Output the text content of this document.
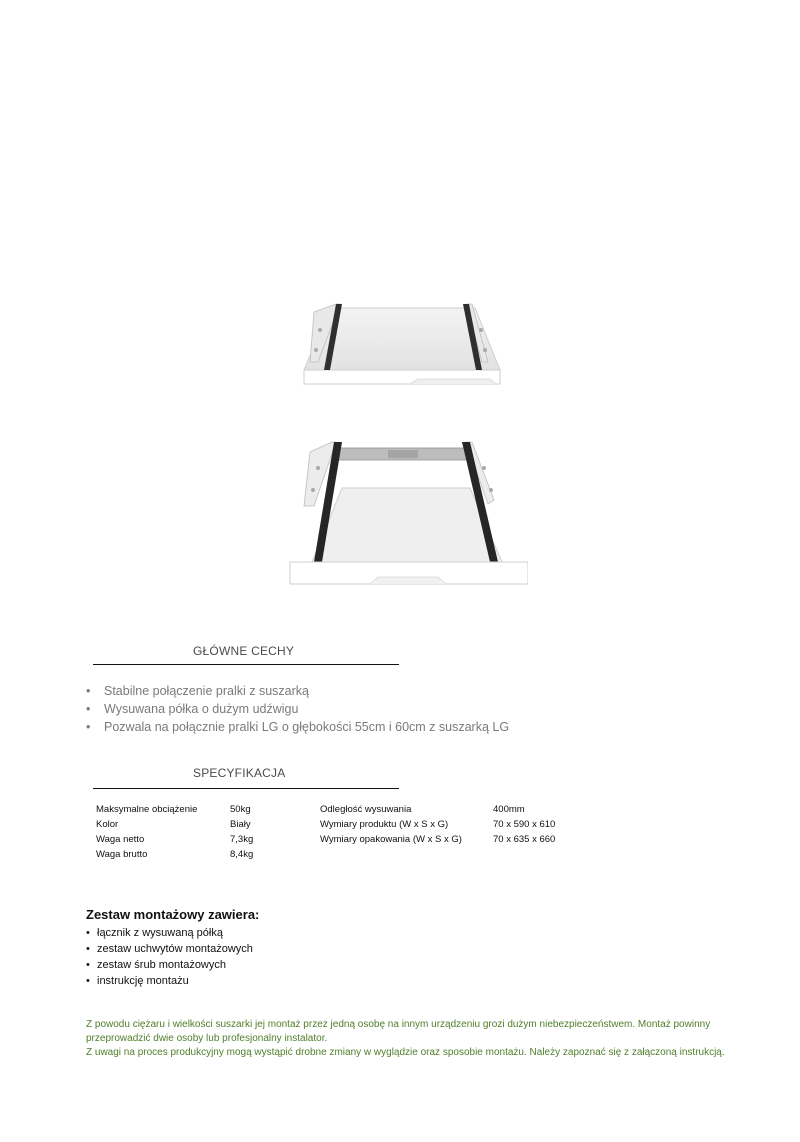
GŁÓWNE CECHY
• Stabilne połączenie pralki z suszarką
• Wysuwana półka o dużym udźwigu
• Pozwala na połącznie pralki LG o głębokości 55cm i 60cm z suszarką LG
SPECYFIKACJA
Maksymalne obciążenie
Kolor
Waga netto
Waga brutto
50kg
Biały
7,3kg
8,4kg
Odległość wysuwania
Wymiary produktu (W x S x G)
Wymiary opakowania (W x S x G)
400mm
70 x 590 x 610
70 x 635 x 660
Zestaw montażowy zawiera:
• łącznik z wysuwaną półką
• zestaw uchwytów montażowych
• zestaw śrub montażowych
• instrukcję montażu
Z powodu ciężaru i wielkości suszarki jej montaż przez jedną osobę na innym urządzeniu grozi dużym niebezpieczeństwem. Montaż powinny przeprowadzić dwie osoby lub profesjonalny instalator.
Z uwagi na proces produkcyjny mogą wystąpić drobne zmiany w wyglądzie oraz sposobie montażu. Należy zapoznać się z załączoną instrukcją.
